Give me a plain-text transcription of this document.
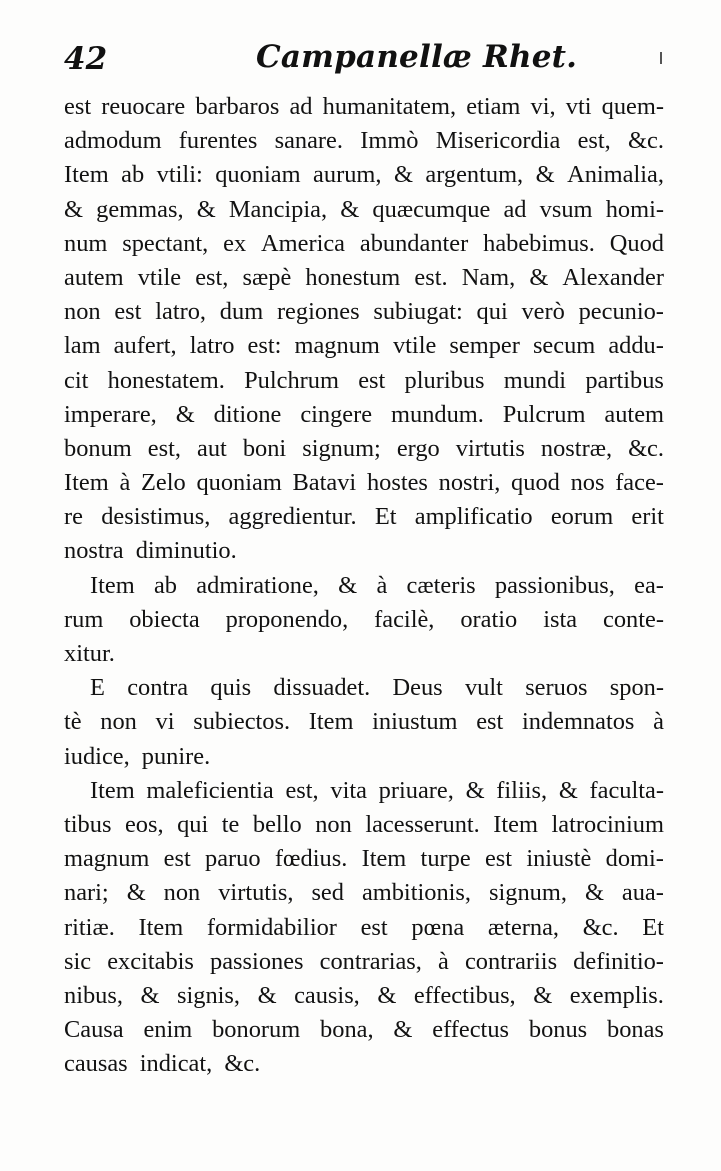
42	Campanellæ Rhet.
est reuocare barbaros ad humanitatem, etiam vi, vti quem-
admodum furentes sanare. Immò Misericordia est, &c.
Item ab vtili: quoniam aurum, & argentum, & Animalia,
& gemmas, & Mancipia, & quæcumque ad vsum homi-
num spectant, ex America abundanter habebimus. Quod
autem vtile est, sæpè honestum est. Nam, & Alexander
non est latro, dum regiones subiugat: qui verò pecunio-
lam aufert, latro est: magnum vtile semper secum addu-
cit honestatem. Pulchrum est pluribus mundi partibus
imperare, & ditione cingere mundum. Pulcrum autem
bonum est, aut boni signum; ergo virtutis nostræ, &c.
Item à Zelo quoniam Batavi hostes nostri, quod nos face-
re desistimus, aggredientur. Et amplificatio eorum erit
nostra diminutio.
Item ab admiratione, & à cæteris passionibus, ea-
rum obiecta proponendo, facilè, oratio ista conte-
xitur.
E contra quis dissuadet. Deus vult seruos spon-
tè non vi subiectos. Item iniustum est indemnatos à
iudice, punire.
Item maleficientia est, vita priuare, & filiis, & faculta-
tibus eos, qui te bello non lacesserunt. Item latrocinium
magnum est paruo fœdius. Item turpe est iniustè domi-
nari; & non virtutis, sed ambitionis, signum, & aua-
ritiæ. Item formidabilior est pœna æterna, &c. Et
sic excitabis passiones contrarias, à contrariis definitio-
nibus, & signis, & causis, & effectibus, & exemplis.
Causa enim bonorum bona, & effectus bonus bonas
causas indicat, &c.
